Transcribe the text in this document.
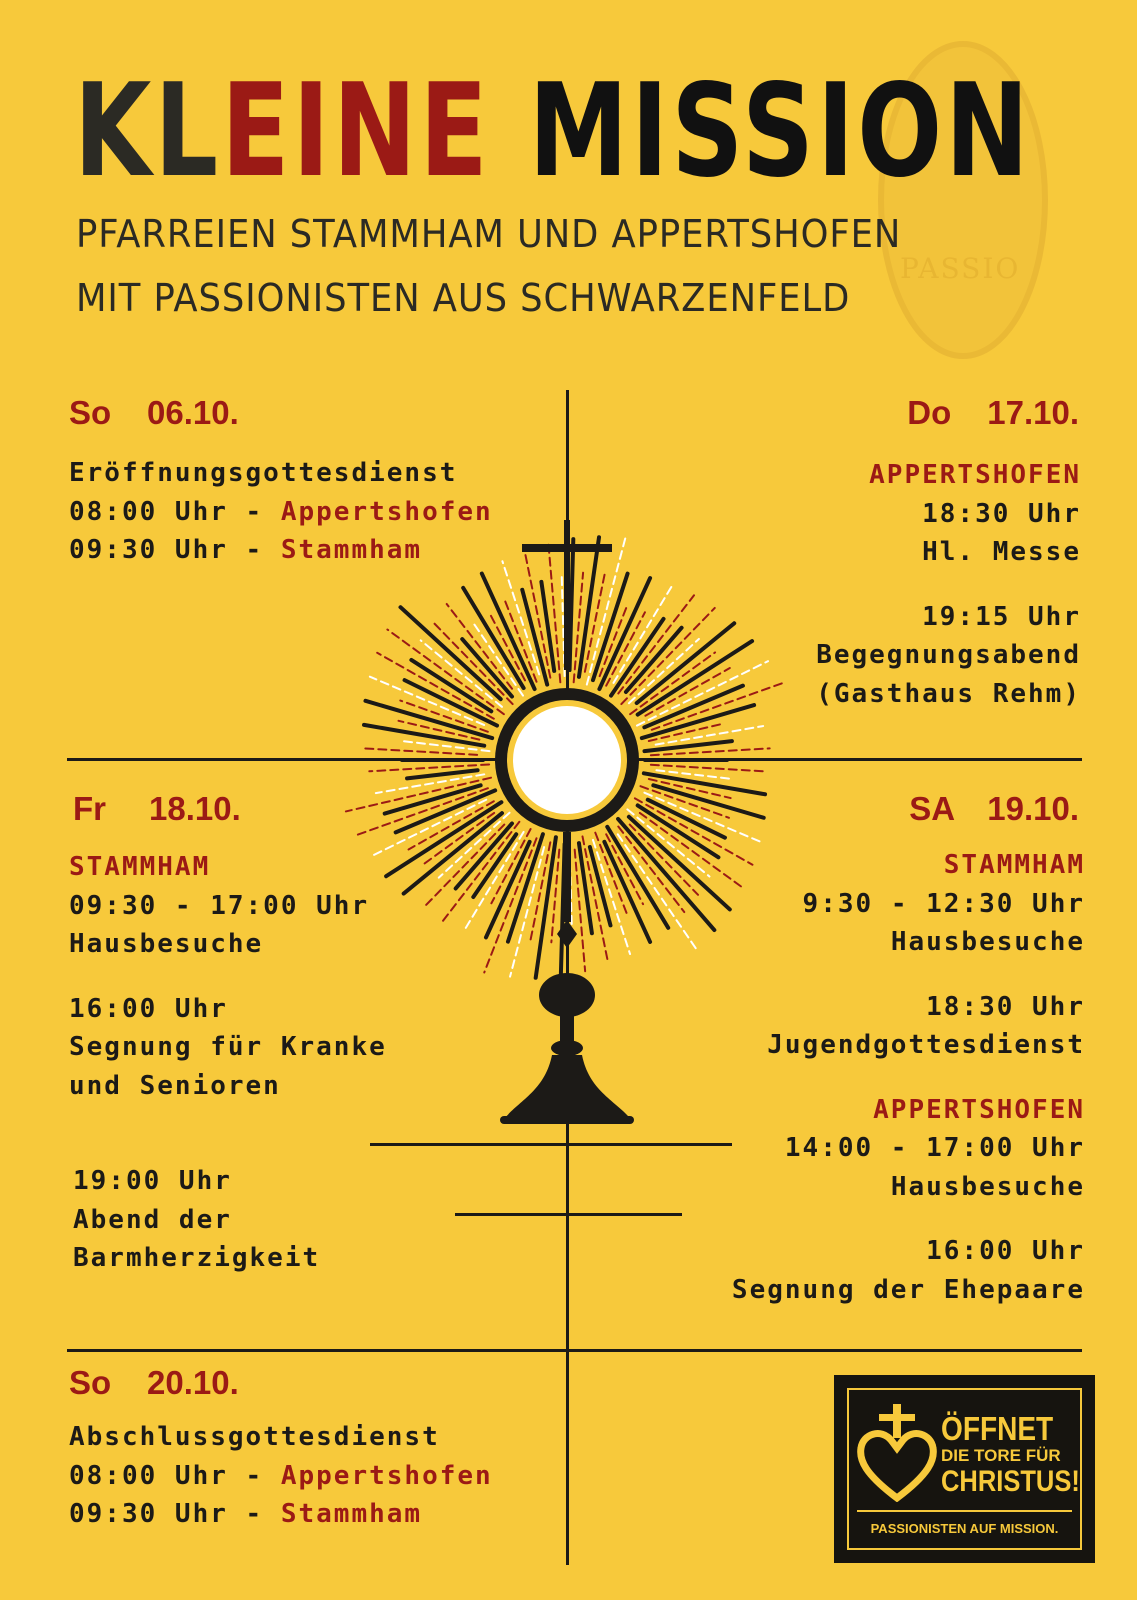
PASSIO
KLEINE MISSION
PFARREIEN STAMMHAM UND APPERTSHOFEN
MIT PASSIONISTEN AUS SCHWARZENFELD
So 06.10.
Eröffnungsgottesdienst
08:00 Uhr - Appertshofen
09:30 Uhr - Stammham
Do 17.10.
APPERTSHOFEN
18:30 Uhr
Hl. Messe
19:15 Uhr
Begegnungsabend
(Gasthaus Rehm)
Fr 18.10.
STAMMHAM
09:30 - 17:00 Uhr
Hausbesuche
16:00 Uhr
Segnung für Kranke
und Senioren
19:00 Uhr
Abend der
Barmherzigkeit
SA 19.10.
STAMMHAM
9:30 - 12:30 Uhr
Hausbesuche
18:30 Uhr
Jugendgottesdienst
APPERTSHOFEN
14:00 - 17:00 Uhr
Hausbesuche
16:00 Uhr
Segnung der Ehepaare
So 20.10.
Abschlussgottesdienst
08:00 Uhr - Appertshofen
09:30 Uhr - Stammham
ÖFFNET
DIE TORE FÜR
CHRISTUS!
PASSIONISTEN AUF MISSION.
